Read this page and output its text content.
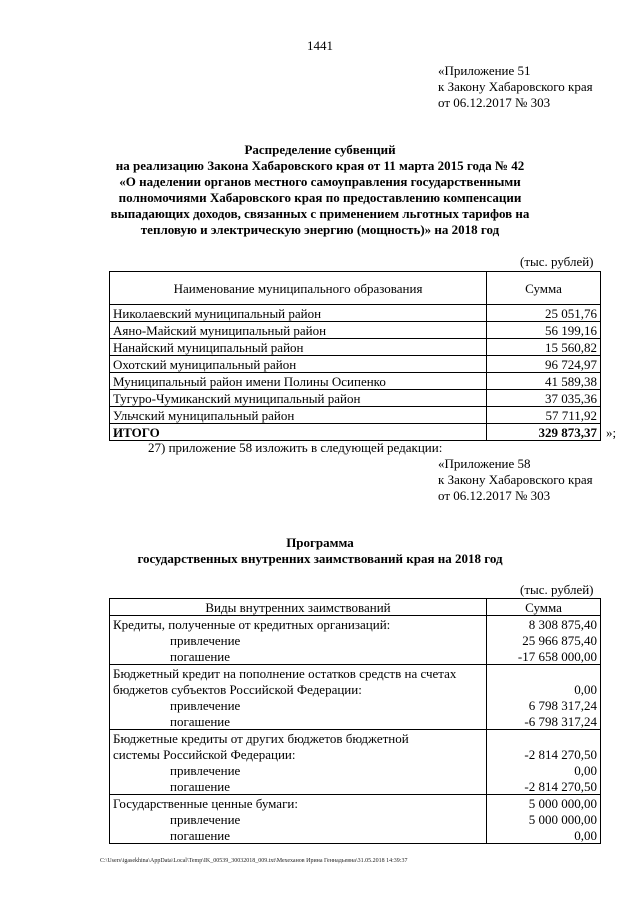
1441
«Приложение 51
к Закону Хабаровского края
от 06.12.2017 № 303
Распределение субвенций
на реализацию Закона Хабаровского края от 11 марта 2015 года № 42
«О наделении органов местного самоуправления государственными
полномочиями Хабаровского края по предоставлению компенсации
выпадающих доходов, связанных с применением льготных тарифов на
тепловую и электрическую энергию (мощность)» на 2018 год
(тыс. рублей)
Наименование муниципального образования	Сумма
Николаевский муниципальный район	25 051,76
Аяно-Майский муниципальный район	56 199,16
Нанайский муниципальный район	15 560,82
Охотский муниципальный район	96 724,97
Муниципальный район имени Полины Осипенко	41 589,38
Тугуро-Чумиканский муниципальный район	37 035,36
Ульчский муниципальный район	57 711,92
ИТОГО	329 873,37 »;
27) приложение 58 изложить в следующей редакции:
«Приложение 58
к Закону Хабаровского края
от 06.12.2017 № 303
Программа
государственных внутренних заимствований края на 2018 год
(тыс. рублей)
Виды внутренних заимствований	Сумма
Кредиты, полученные от кредитных организаций:	8 308 875,40
привлечение	25 966 875,40
погашение	-17 658 000,00
Бюджетный кредит на пополнение остатков средств на счетах	
бюджетов субъектов Российской Федерации:	0,00
привлечение	6 798 317,24
погашение	-6 798 317,24
Бюджетные кредиты от других бюджетов бюджетной	
системы Российской Федерации:	-2 814 270,50
привлечение	0,00
погашение	-2 814 270,50
Государственные ценные бумаги:	5 000 000,00
привлечение	5 000 000,00
погашение	0,00
C:\Users\igasekhina\AppData\Local\Temp\IK_00539_30032018_009.txt\Мехеханов Ирина Геннадьевна\31.05.2018 14:39:37
